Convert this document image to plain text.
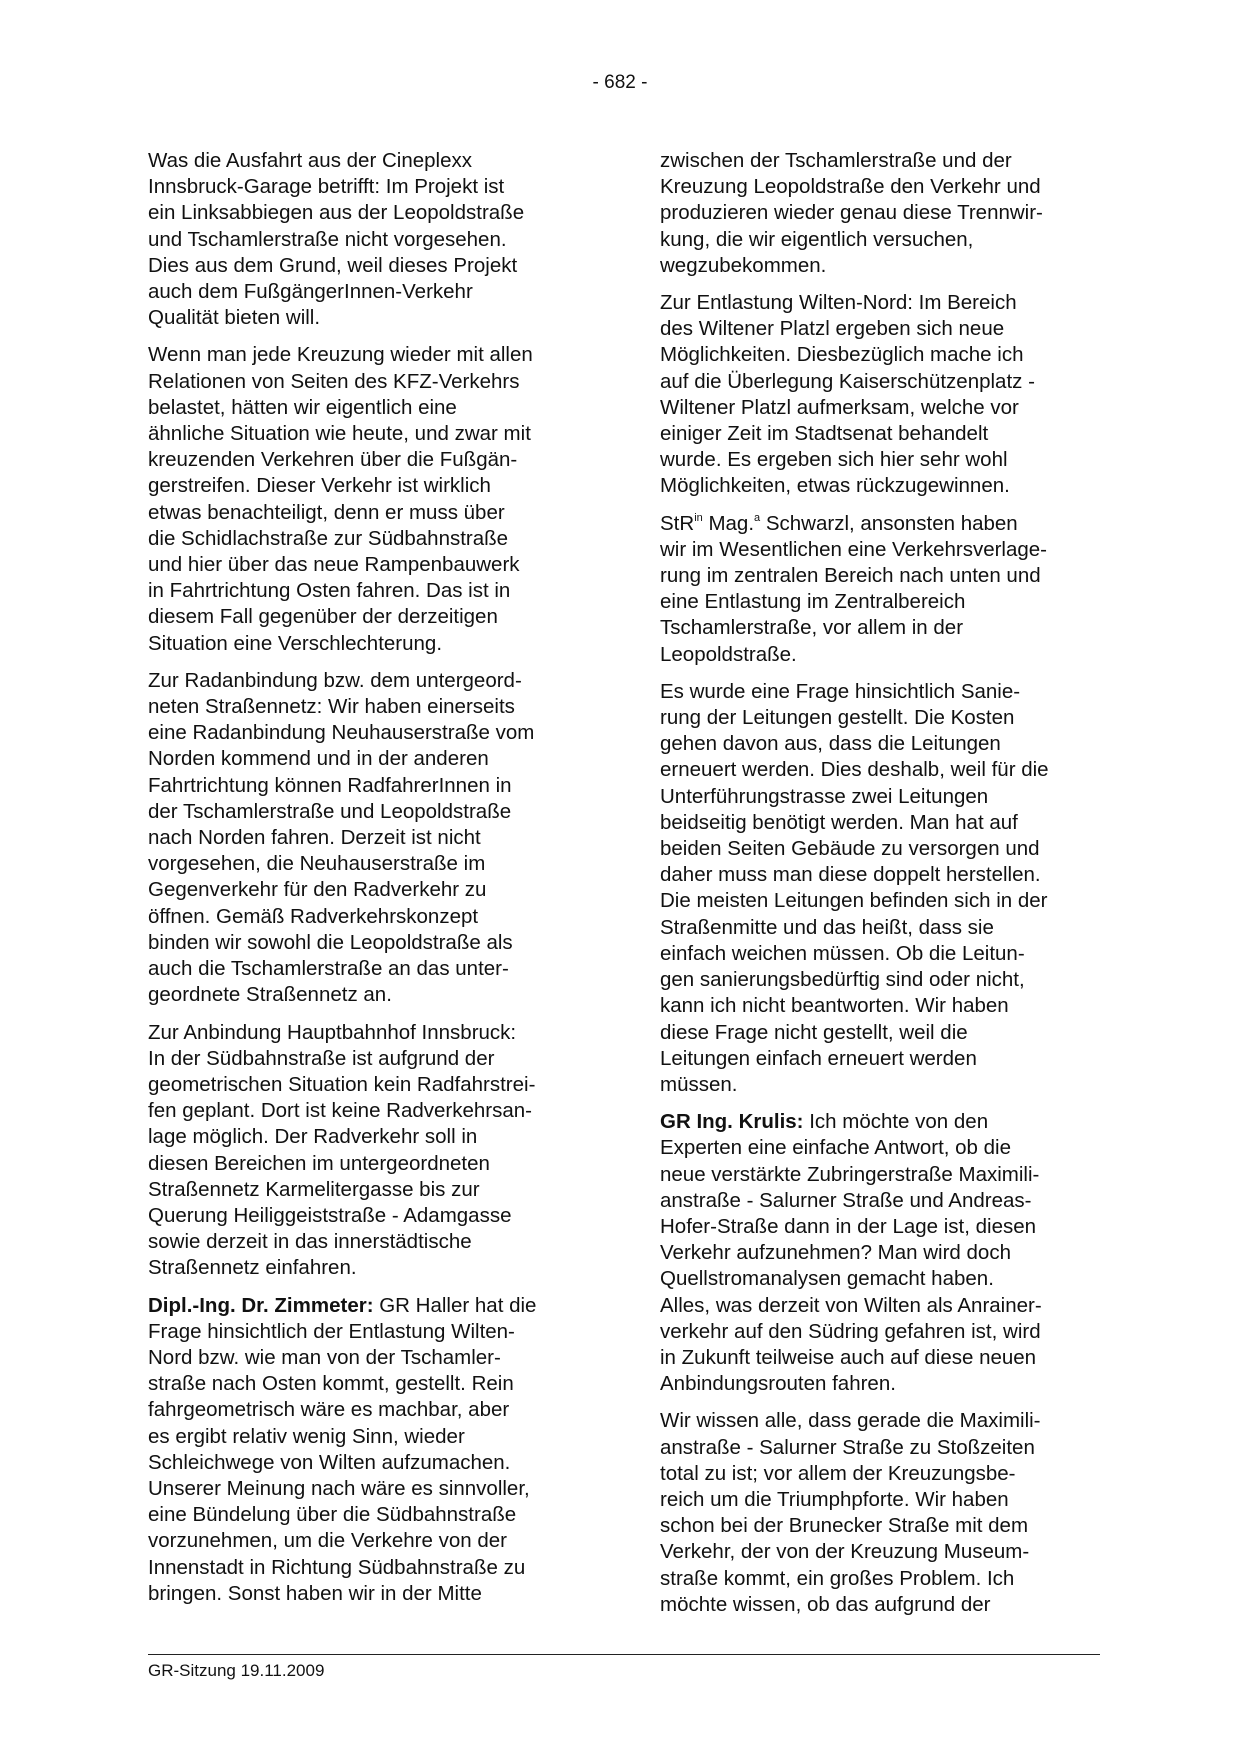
- 682 -

Was die Ausfahrt aus der Cineplexx
Innsbruck-Garage betrifft: Im Projekt ist
ein Linksabbiegen aus der Leopoldstraße
und Tschamlerstraße nicht vorgesehen.
Dies aus dem Grund, weil dieses Projekt
auch dem FußgängerInnen-Verkehr
Qualität bieten will.

Wenn man jede Kreuzung wieder mit allen
Relationen von Seiten des KFZ-Verkehrs
belastet, hätten wir eigentlich eine
ähnliche Situation wie heute, und zwar mit
kreuzenden Verkehren über die Fußgän-
gerstreifen. Dieser Verkehr ist wirklich
etwas benachteiligt, denn er muss über
die Schidlachstraße zur Südbahnstraße
und hier über das neue Rampenbauwerk
in Fahrtrichtung Osten fahren. Das ist in
diesem Fall gegenüber der derzeitigen
Situation eine Verschlechterung.

Zur Radanbindung bzw. dem untergeord-
neten Straßennetz: Wir haben einerseits
eine Radanbindung Neuhauserstraße vom
Norden kommend und in der anderen
Fahrtrichtung können RadfahrerInnen in
der Tschamlerstraße und Leopoldstraße
nach Norden fahren. Derzeit ist nicht
vorgesehen, die Neuhauserstraße im
Gegenverkehr für den Radverkehr zu
öffnen. Gemäß Radverkehrskonzept
binden wir sowohl die Leopoldstraße als
auch die Tschamlerstraße an das unter-
geordnete Straßennetz an.

Zur Anbindung Hauptbahnhof Innsbruck:
In der Südbahnstraße ist aufgrund der
geometrischen Situation kein Radfahrstrei-
fen geplant. Dort ist keine Radverkehrsan-
lage möglich. Der Radverkehr soll in
diesen Bereichen im untergeordneten
Straßennetz Karmelitergasse bis zur
Querung Heiliggeiststraße - Adamgasse
sowie derzeit in das innerstädtische
Straßennetz einfahren.

Dipl.-Ing. Dr. Zimmeter: GR Haller hat die
Frage hinsichtlich der Entlastung Wilten-
Nord bzw. wie man von der Tschamler-
straße nach Osten kommt, gestellt. Rein
fahrgeometrisch wäre es machbar, aber
es ergibt relativ wenig Sinn, wieder
Schleichwege von Wilten aufzumachen.
Unserer Meinung nach wäre es sinnvoller,
eine Bündelung über die Südbahnstraße
vorzunehmen, um die Verkehre von der
Innenstadt in Richtung Südbahnstraße zu
bringen. Sonst haben wir in der Mitte

zwischen der Tschamlerstraße und der
Kreuzung Leopoldstraße den Verkehr und
produzieren wieder genau diese Trennwir-
kung, die wir eigentlich versuchen,
wegzubekommen.

Zur Entlastung Wilten-Nord: Im Bereich
des Wiltener Platzl ergeben sich neue
Möglichkeiten. Diesbezüglich mache ich
auf die Überlegung Kaiserschützenplatz -
Wiltener Platzl aufmerksam, welche vor
einiger Zeit im Stadtsenat behandelt
wurde. Es ergeben sich hier sehr wohl
Möglichkeiten, etwas rückzugewinnen.

StR$^{in}$ Mag.$^a$ Schwarzl, ansonsten haben
wir im Wesentlichen eine Verkehrsverlage-
rung im zentralen Bereich nach unten und
eine Entlastung im Zentralbereich
Tschamlerstraße, vor allem in der
Leopoldstraße.

Es wurde eine Frage hinsichtlich Sanie-
rung der Leitungen gestellt. Die Kosten
gehen davon aus, dass die Leitungen
erneuert werden. Dies deshalb, weil für die
Unterführungstrasse zwei Leitungen
beidseitig benötigt werden. Man hat auf
beiden Seiten Gebäude zu versorgen und
daher muss man diese doppelt herstellen.
Die meisten Leitungen befinden sich in der
Straßenmitte und das heißt, dass sie
einfach weichen müssen. Ob die Leitun-
gen sanierungsbedürftig sind oder nicht,
kann ich nicht beantworten. Wir haben
diese Frage nicht gestellt, weil die
Leitungen einfach erneuert werden
müssen.

GR Ing. Krulis: Ich möchte von den
Experten eine einfache Antwort, ob die
neue verstärkte Zubringerstraße Maximili-
anstraße - Salurner Straße und Andreas-
Hofer-Straße dann in der Lage ist, diesen
Verkehr aufzunehmen? Man wird doch
Quellstromanalysen gemacht haben.
Alles, was derzeit von Wilten als Anrainer-
verkehr auf den Südring gefahren ist, wird
in Zukunft teilweise auch auf diese neuen
Anbindungsrouten fahren.

Wir wissen alle, dass gerade die Maximili-
anstraße - Salurner Straße zu Stoßzeiten
total zu ist; vor allem der Kreuzungsbe-
reich um die Triumphpforte. Wir haben
schon bei der Brunecker Straße mit dem
Verkehr, der von der Kreuzung Museum-
straße kommt, ein großes Problem. Ich
möchte wissen, ob das aufgrund der

GR-Sitzung 19.11.2009
